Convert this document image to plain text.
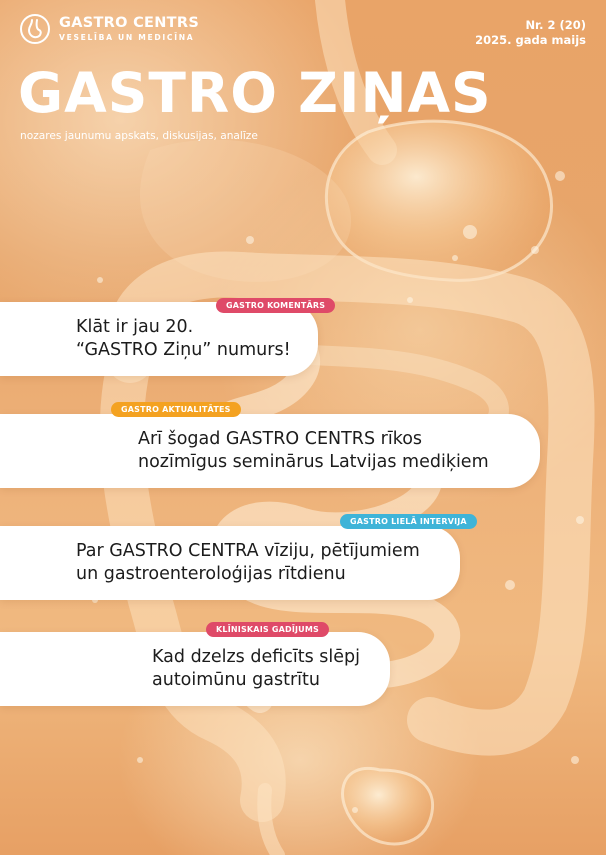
GASTRO CENTRS
VESELĪBA UN MEDICĪNA
Nr. 2 (20)
2025. gada maijs
GASTRO ZIŅAS
nozares jaunumu apskats, diskusijas, analīze
Klāt ir jau 20.
“GASTRO Ziņu” numurs!
GASTRO KOMENTĀRS
Arī šogad GASTRO CENTRS rīkos
nozīmīgus seminārus Latvijas mediķiem
GASTRO AKTUALITĀTES
Par GASTRO CENTRA vīziju, pētījumiem
un gastroenteroloģijas rītdienu
GASTRO LIELĀ INTERVIJA
Kad dzelzs deficīts slēpj
autoimūnu gastrītu
KLĪNISKAIS GADĪJUMS
